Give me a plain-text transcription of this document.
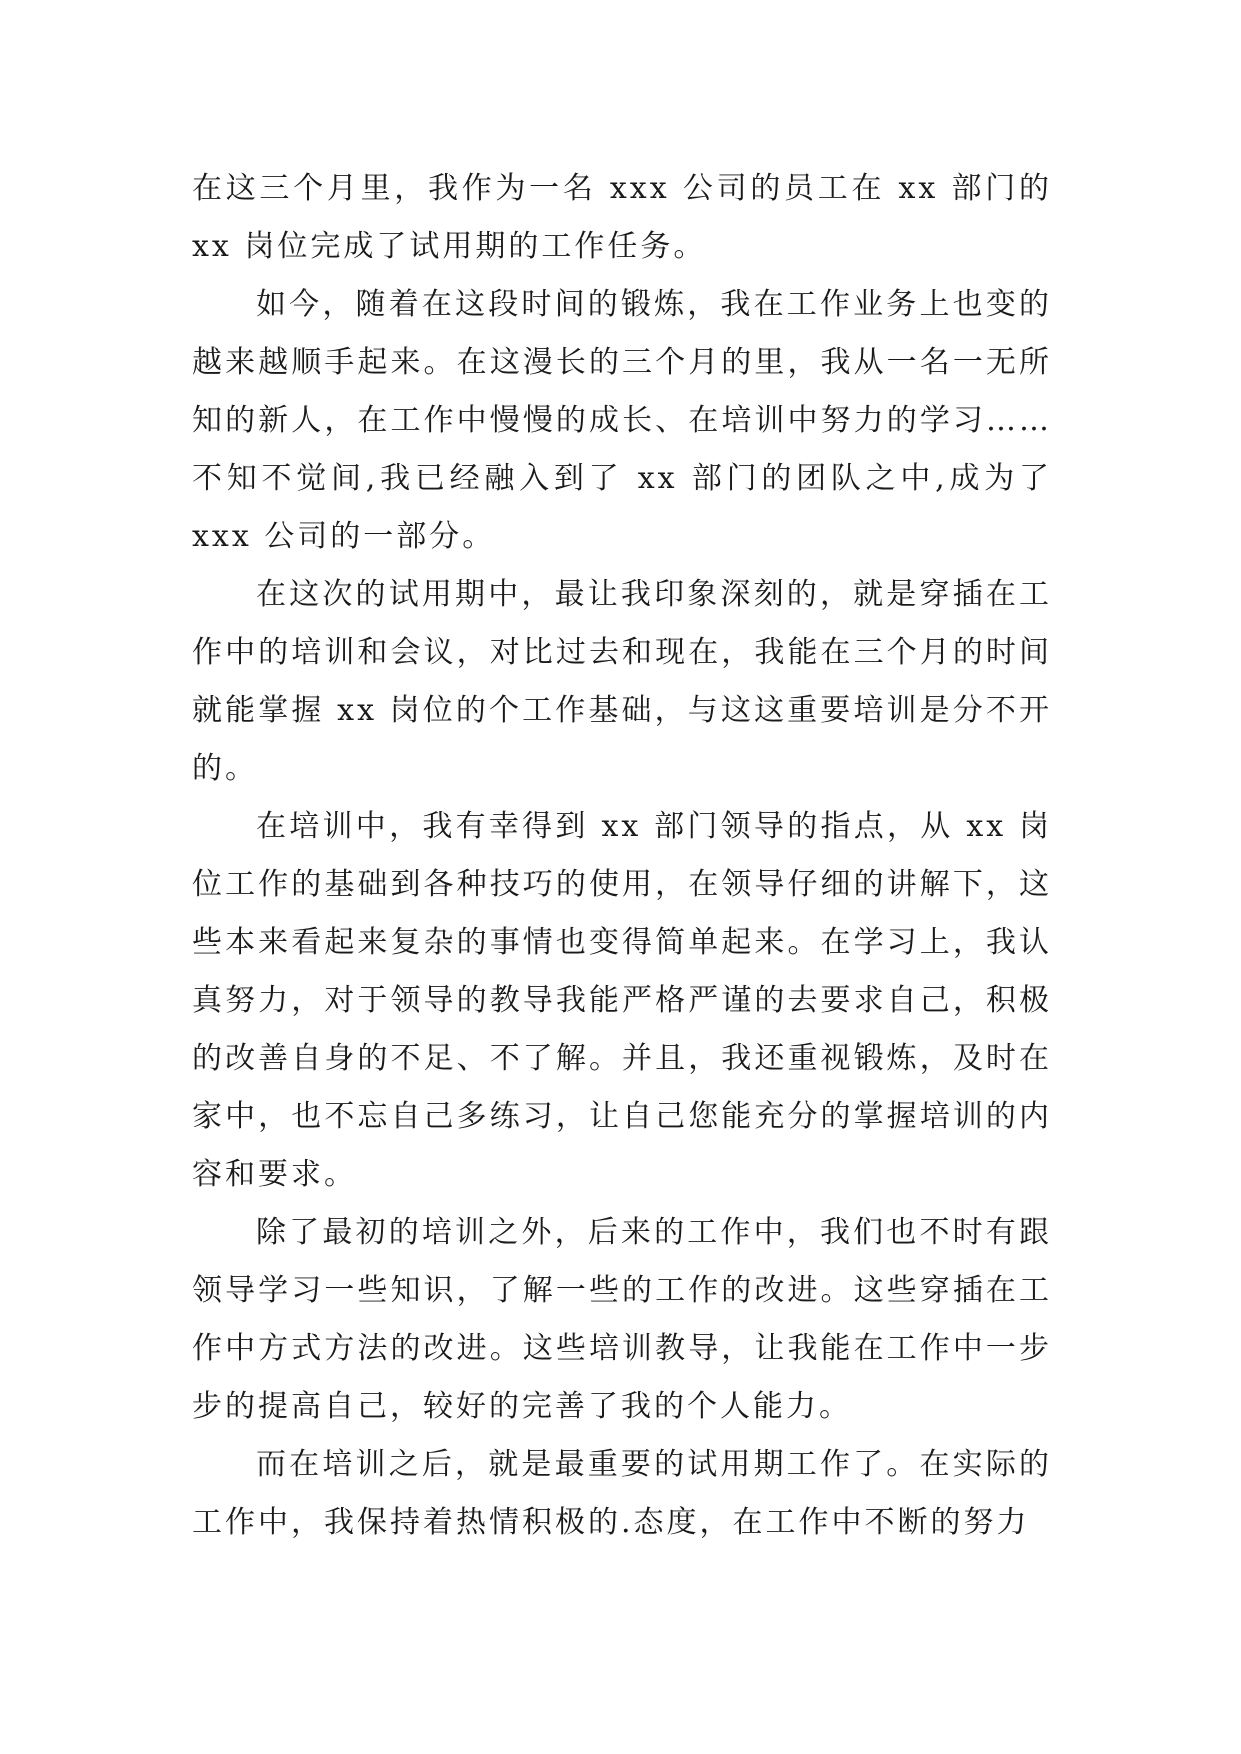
在这三个月里，我作为一名 xxx 公司的员工在 xx 部门的 xx 岗位完成了试用期的工作任务。

如今，随着在这段时间的锻炼，我在工作业务上也变的越来越顺手起来。在这漫长的三个月的里，我从一名一无所知的新人，在工作中慢慢的成长、在培训中努力的学习……不知不觉间,我已经融入到了 xx 部门的团队之中,成为了 xxx 公司的一部分。

在这次的试用期中，最让我印象深刻的，就是穿插在工作中的培训和会议，对比过去和现在，我能在三个月的时间就能掌握 xx 岗位的个工作基础，与这这重要培训是分不开的。

在培训中，我有幸得到 xx 部门领导的指点，从 xx 岗位工作的基础到各种技巧的使用，在领导仔细的讲解下，这些本来看起来复杂的事情也变得简单起来。在学习上，我认真努力，对于领导的教导我能严格严谨的去要求自己，积极的改善自身的不足、不了解。并且，我还重视锻炼，及时在家中，也不忘自己多练习，让自己您能充分的掌握培训的内容和要求。

除了最初的培训之外，后来的工作中，我们也不时有跟领导学习一些知识，了解一些的工作的改进。这些穿插在工作中方式方法的改进。这些培训教导，让我能在工作中一步步的提高自己，较好的完善了我的个人能力。

而在培训之后，就是最重要的试用期工作了。在实际的工作中，我保持着热情积极的.态度，在工作中不断的努力
